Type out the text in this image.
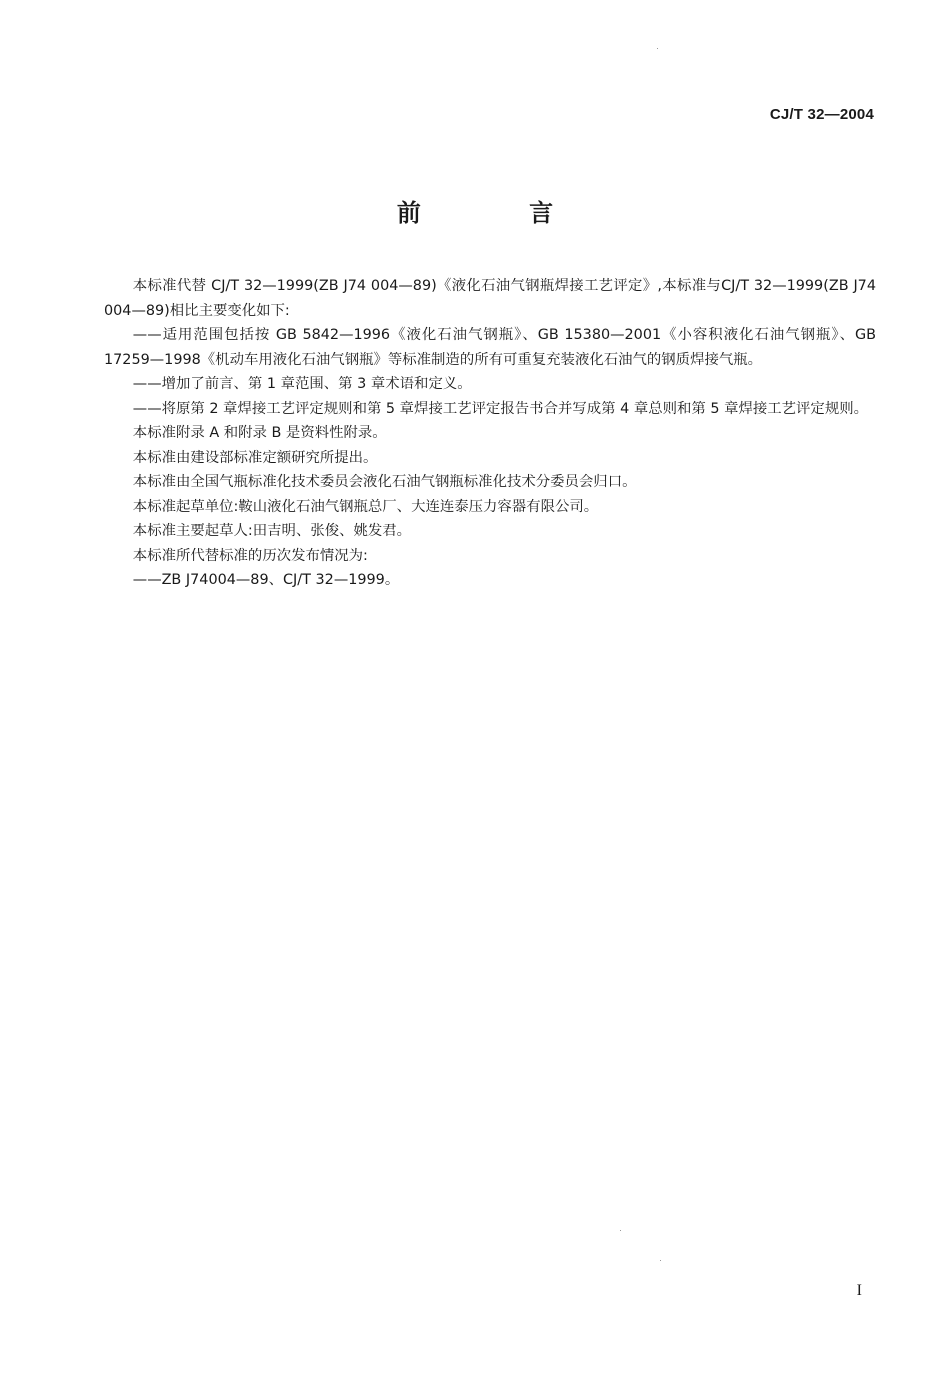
CJ/T 32—2004
前 言

本标准代替 CJ/T 32—1999(ZB J74 004—89)《液化石油气钢瓶焊接工艺评定》,本标准与CJ/T 32—1999(ZB J74 004—89)相比主要变化如下:

——适用范围包括按 GB 5842—1996《液化石油气钢瓶》、GB 15380—2001《小容积液化石油气钢瓶》、GB 17259—1998《机动车用液化石油气钢瓶》等标准制造的所有可重复充装液化石油气的钢质焊接气瓶。

——增加了前言、第 1 章范围、第 3 章术语和定义。

——将原第 2 章焊接工艺评定规则和第 5 章焊接工艺评定报告书合并写成第 4 章总则和第 5 章焊接工艺评定规则。

本标准附录 A 和附录 B 是资料性附录。

本标准由建设部标准定额研究所提出。

本标准由全国气瓶标准化技术委员会液化石油气钢瓶标准化技术分委员会归口。

本标准起草单位:鞍山液化石油气钢瓶总厂、大连连泰压力容器有限公司。

本标准主要起草人:田吉明、张俊、姚发君。

本标准所代替标准的历次发布情况为:

——ZB J74004—89、CJ/T 32—1999。

I
